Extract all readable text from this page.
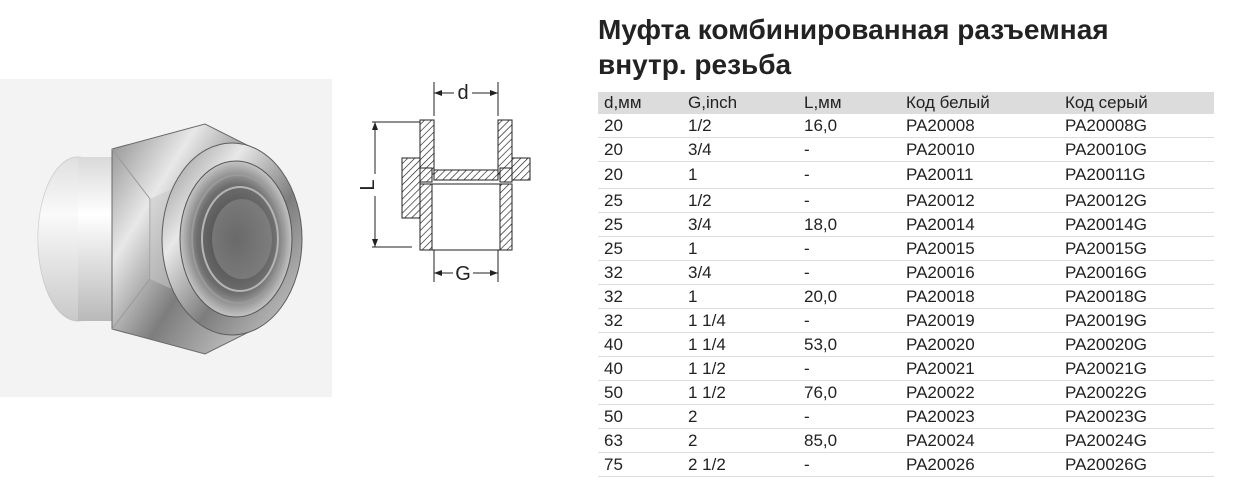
d
L
G
Муфта комбинированная разъемная
внутр. резьба
d,мм	G,inch	L,мм	Код белый	Код серый
20	1/2	16,0	PA20008	PA20008G
20	3/4	-	PA20010	PA20010G
20	1	-	PA20011	PA20011G
25	1/2	-	PA20012	PA20012G
25	3/4	18,0	PA20014	PA20014G
25	1	-	PA20015	PA20015G
32	3/4	-	PA20016	PA20016G
32	1	20,0	PA20018	PA20018G
32	1 1/4	-	PA20019	PA20019G
40	1 1/4	53,0	PA20020	PA20020G
40	1 1/2	-	PA20021	PA20021G
50	1 1/2	76,0	PA20022	PA20022G
50	2	-	PA20023	PA20023G
63	2	85,0	PA20024	PA20024G
75	2 1/2	-	PA20026	PA20026G
